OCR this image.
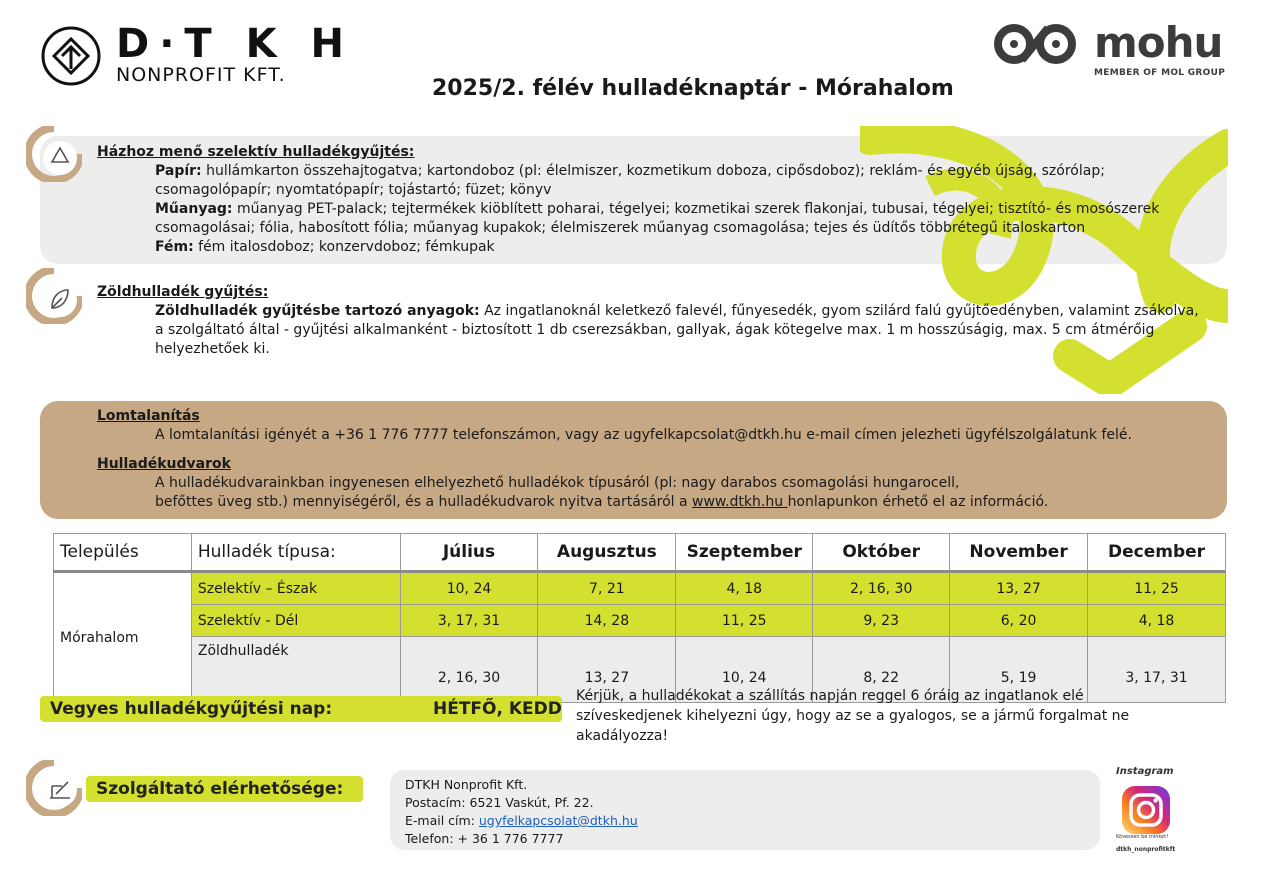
D·T K H
NONPROFIT KFT.
mohu
MEMBER OF MOL GROUP
2025/2. félév hulladéknaptár - Mórahalom
Házhoz menő szelektív hulladékgyűjtés:
Papír: hullámkarton összehajtogatva; kartondoboz (pl: élelmiszer, kozmetikum doboza, cipősdoboz); reklám- és egyéb újság, szórólap;
csomagolópapír; nyomtatópapír; tojástartó; füzet; könyv
Műanyag: műanyag PET-palack; tejtermékek kiöblített poharai, tégelyei; kozmetikai szerek flakonjai, tubusai, tégelyei; tisztító- és mosószerek
csomagolásai; fólia, habosított fólia; műanyag kupakok; élelmiszerek műanyag csomagolása; tejes és üdítős többrétegű italoskarton
Fém: fém italosdoboz; konzervdoboz; fémkupak
Zöldhulladék gyűjtés:
Zöldhulladék gyűjtésbe tartozó anyagok: Az ingatlanoknál keletkező falevél, fűnyesedék, gyom szilárd falú gyűjtőedényben, valamint zsákolva,
a szolgáltató által - gyűjtési alkalmanként - biztosított 1 db cserezsákban, gallyak, ágak kötegelve max. 1 m hosszúságig, max. 5 cm átmérőig
helyezhetőek ki.
Lomtalanítás
A lomtalanítási igényét a +36 1 776 7777 telefonszámon, vagy az ugyfelkapcsolat@dtkh.hu e-mail címen jelezheti ügyfélszolgálatunk felé.
Hulladékudvarok
A hulladékudvarainkban ingyenesen elhelyezhető hulladékok típusáról (pl: nagy darabos csomagolási hungarocell,
befőttes üveg stb.) mennyiségéről, és a hulladékudvarok nyitva tartásáról a www.dtkh.hu honlapunkon érhető el az információ.
Település	Hulladék típusa:	Július	Augusztus	Szeptember	Október	November	December
Mórahalom	Szelektív – Észak	10, 24	7, 21	4, 18	2, 16, 30	13, 27	11, 25
	Szelektív - Dél	3, 17, 31	14, 28	11, 25	9, 23	6, 20	4, 18
	Zöldhulladék	2, 16, 30	13, 27	10, 24	8, 22	5, 19	3, 17, 31
Vegyes hulladékgyűjtési nap:	HÉTFŐ, KEDD
Kérjük, a hulladékokat a szállítás napján reggel 6 óráig az ingatlanok elé
szíveskedjenek kihelyezni úgy, hogy az se a gyalogos, se a jármű forgalmat ne
akadályozza!
Szolgáltató elérhetősége:	DTKH Nonprofit Kft.
Postacím: 6521 Vaskút, Pf. 22.
E-mail cím: ugyfelkapcsolat@dtkh.hu
Telefon: + 36 1 776 7777
Instagram
Kövessen be minket!
dtkh_nonprofitkft
